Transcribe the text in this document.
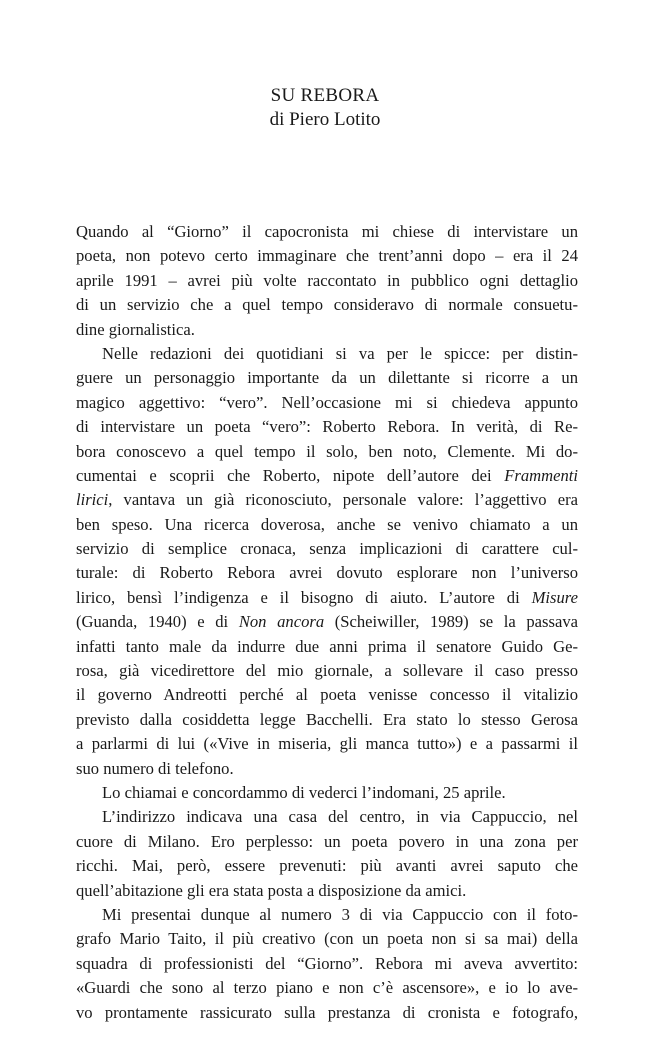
SU REBORA
di Piero Lotito

Quando al “Giorno” il capocronista mi chiese di intervistare un
poeta, non potevo certo immaginare che trent’anni dopo – era il 24
aprile 1991 – avrei più volte raccontato in pubblico ogni dettaglio
di un servizio che a quel tempo consideravo di normale consuetu-
dine giornalistica.

Nelle redazioni dei quotidiani si va per le spicce: per distin-
guere un personaggio importante da un dilettante si ricorre a un
magico aggettivo: “vero”. Nell’occasione mi si chiedeva appunto
di intervistare un poeta “vero”: Roberto Rebora. In verità, di Re-
bora conoscevo a quel tempo il solo, ben noto, Clemente. Mi do-
cumentai e scoprii che Roberto, nipote dell’autore dei Frammenti
lirici, vantava un già riconosciuto, personale valore: l’aggettivo era
ben speso. Una ricerca doverosa, anche se venivo chiamato a un
servizio di semplice cronaca, senza implicazioni di carattere cul-
turale: di Roberto Rebora avrei dovuto esplorare non l’universo
lirico, bensì l’indigenza e il bisogno di aiuto. L’autore di Misure
(Guanda, 1940) e di Non ancora (Scheiwiller, 1989) se la passava
infatti tanto male da indurre due anni prima il senatore Guido Ge-
rosa, già vicedirettore del mio giornale, a sollevare il caso presso
il governo Andreotti perché al poeta venisse concesso il vitalizio
previsto dalla cosiddetta legge Bacchelli. Era stato lo stesso Gerosa
a parlarmi di lui («Vive in miseria, gli manca tutto») e a passarmi il
suo numero di telefono.

Lo chiamai e concordammo di vederci l’indomani, 25 aprile.

L’indirizzo indicava una casa del centro, in via Cappuccio, nel
cuore di Milano. Ero perplesso: un poeta povero in una zona per
ricchi. Mai, però, essere prevenuti: più avanti avrei saputo che
quell’abitazione gli era stata posta a disposizione da amici.

Mi presentai dunque al numero 3 di via Cappuccio con il foto-
grafo Mario Taito, il più creativo (con un poeta non si sa mai) della
squadra di professionisti del “Giorno”. Rebora mi aveva avvertito:
«Guardi che sono al terzo piano e non c’è ascensore», e io lo ave-
vo prontamente rassicurato sulla prestanza di cronista e fotografo,
